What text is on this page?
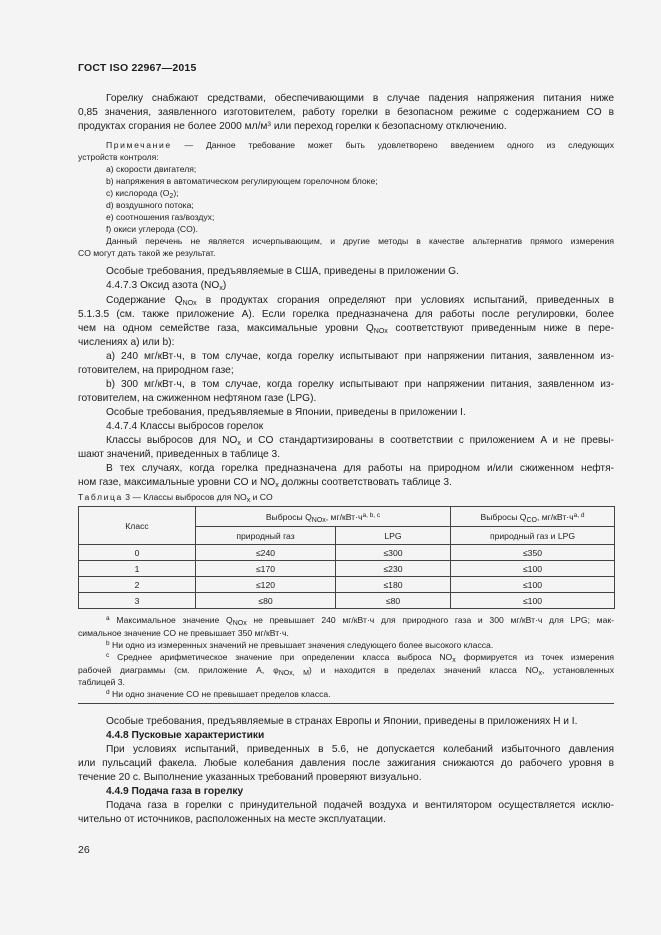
ГОСТ ISO 22967—2015
Горелку снабжают средствами, обеспечивающими в случае падения напряжения питания ниже
0,85 значения, заявленного изготовителем, работу горелки в безопасном режиме с содержанием CO в
продуктах сгорания не более 2000 $мл/м^3$ или переход горелки к безопасному отключению.
Примечание — Данное требование может быть удовлетворено введением одного из следующих
устройств контроля:
a) скорости двигателя;
b) напряжения в автоматическом регулирующем горелочном блоке;
c) кислорода $(O_2)$;
d) воздушного потока;
e) соотношения газ/воздух;
f) окиси углерода (CO).
Данный перечень не является исчерпывающим, и другие методы в качестве альтернатив прямого измерения
CO могут дать такой же результат.
Особые требования, предъявляемые в США, приведены в приложении G.
4.4.7.3 Оксид азота $(NO_x)$
Содержание $Q_{NOx}$ в продуктах сгорания определяют при условиях испытаний, приведенных в
5.1.3.5 (см. также приложение A). Если горелка предназначена для работы после регулировки, более
чем на одном семействе газа, максимальные уровни $Q_{NOx}$ соответствуют приведенным ниже в пере-
числениях a) или b):
a) 240 мг/кВт·ч, в том случае, когда горелку испытывают при напряжении питания, заявленном из-
готовителем, на природном газе;
b) 300 мг/кВт·ч, в том случае, когда горелку испытывают при напряжении питания, заявленном из-
готовителем, на сжиженном нефтяном газе (LPG).
Особые требования, предъявляемые в Японии, приведены в приложении I.
4.4.7.4 Классы выбросов горелок
Классы выбросов для $NO_x$ и CO стандартизированы в соответствии с приложением A и не превы-
шают значений, приведенных в таблице 3.
В тех случаях, когда горелка предназначена для работы на природном и/или сжиженном нефтя-
ном газе, максимальные уровни CO и $NO_x$ должны соответствовать таблице 3.
Таблица 3 — Классы выбросов для $NO_x$ и CO
Класс	Выбросы $Q_{NOx}$, $мг/кВт\cdot ч^{a, b, c}$		Выбросы $Q_{CO}$, $мг/кВт\cdot ч^{a, d}$
	природный газ	LPG	природный газ и LPG
0	≤240	≤300	≤350
1	≤170	≤230	≤100
2	≤120	≤180	≤100
3	≤80	≤80	≤100
$^a$ Максимальное значение $Q_{NOx}$ не превышает 240 мг/кВт·ч для природного газа и 300 мг/кВт·ч для LPG; мак-
симальное значение CO не превышает 350 мг/кВт·ч.
$^b$ Ни одно из измеренных значений не превышает значения следующего более высокого класса.
$^c$ Среднее арифметическое значение при определении класса выброса $NO_x$ формируется из точек измерения
рабочей диаграммы (см. приложение A, $\varphi_{NOx, M}$) и находится в пределах значений класса $NO_x$, установленных
таблицей 3.
$^d$ Ни одно значение CO не превышает пределов класса.
Особые требования, предъявляемые в странах Европы и Японии, приведены в приложениях H и I.
4.4.8 Пусковые характеристики
При условиях испытаний, приведенных в 5.6, не допускается колебаний избыточного давления
или пульсаций факела. Любые колебания давления после зажигания снижаются до рабочего уровня в
течение 20 с. Выполнение указанных требований проверяют визуально.
4.4.9 Подача газа в горелку
Подача газа в горелки с принудительной подачей воздуха и вентилятором осуществляется исклю-
чительно от источников, расположенных на месте эксплуатации.
26
